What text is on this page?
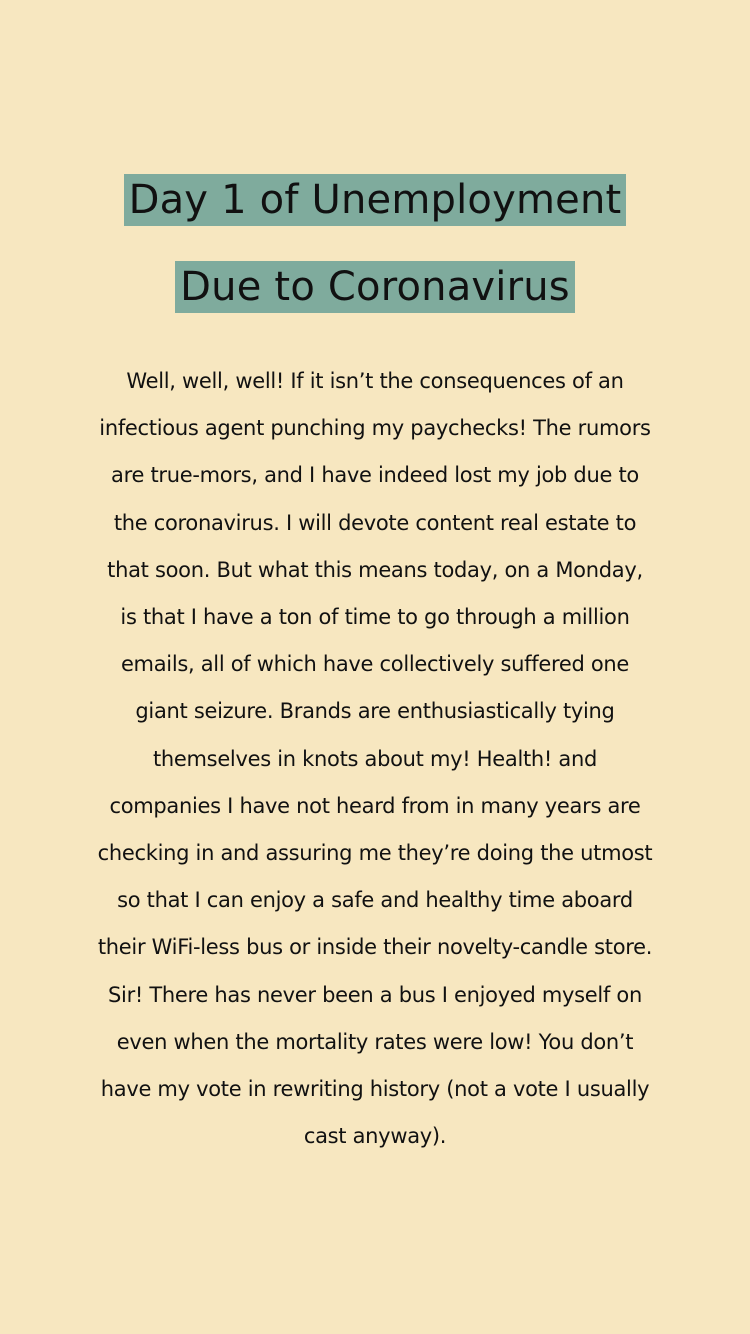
Day 1 of Unemployment
Due to Coronavirus

Well, well, well! If it isn’t the consequences of an infectious agent punching my paychecks! The rumors are true-mors, and I have indeed lost my job due to the coronavirus. I will devote content real estate to that soon. But what this means today, on a Monday, is that I have a ton of time to go through a million emails, all of which have collectively suffered one giant seizure. Brands are enthusiastically tying themselves in knots about my! Health! and companies I have not heard from in many years are checking in and assuring me they’re doing the utmost so that I can enjoy a safe and healthy time aboard their WiFi-less bus or inside their novelty-candle store. Sir! There has never been a bus I enjoyed myself on even when the mortality rates were low! You don’t have my vote in rewriting history (not a vote I usually cast anyway).
